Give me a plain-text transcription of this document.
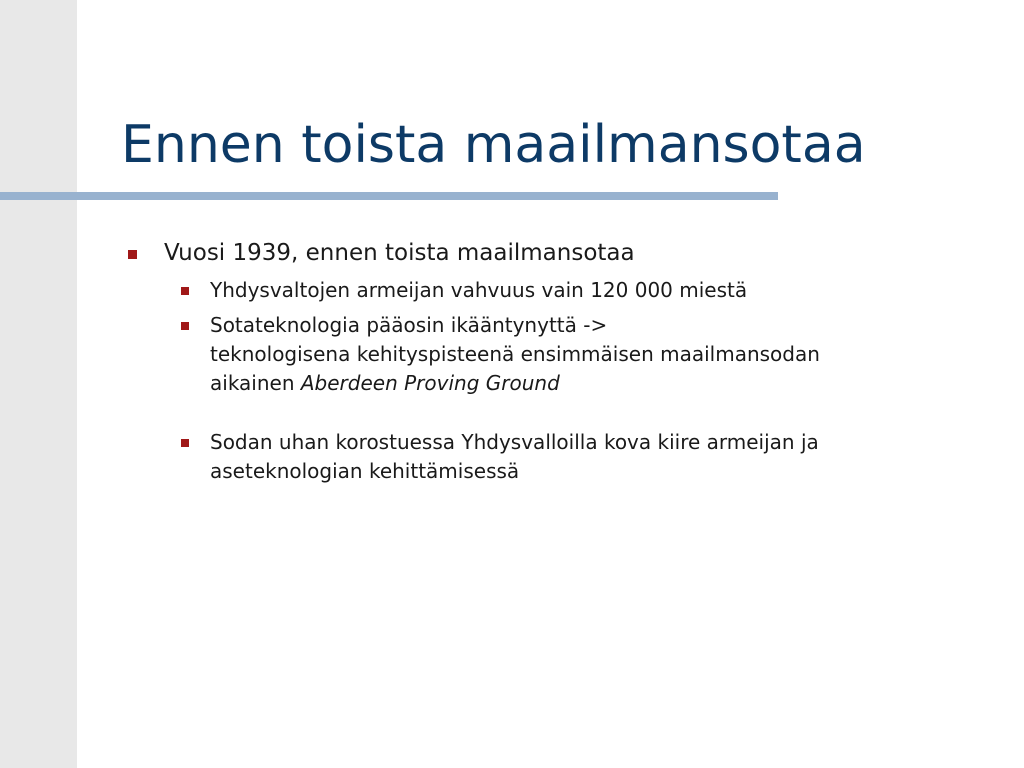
Ennen toista maailmansotaa
Vuosi 1939, ennen toista maailmansotaa
Yhdysvaltojen armeijan vahvuus vain 120 000 miestä
Sotateknologia pääosin ikääntynyttä ->
teknologisena kehityspisteenä ensimmäisen maailmansodan
aikainen Aberdeen Proving Ground
Sodan uhan korostuessa Yhdysvalloilla kova kiire armeijan ja
aseteknologian kehittämisessä
